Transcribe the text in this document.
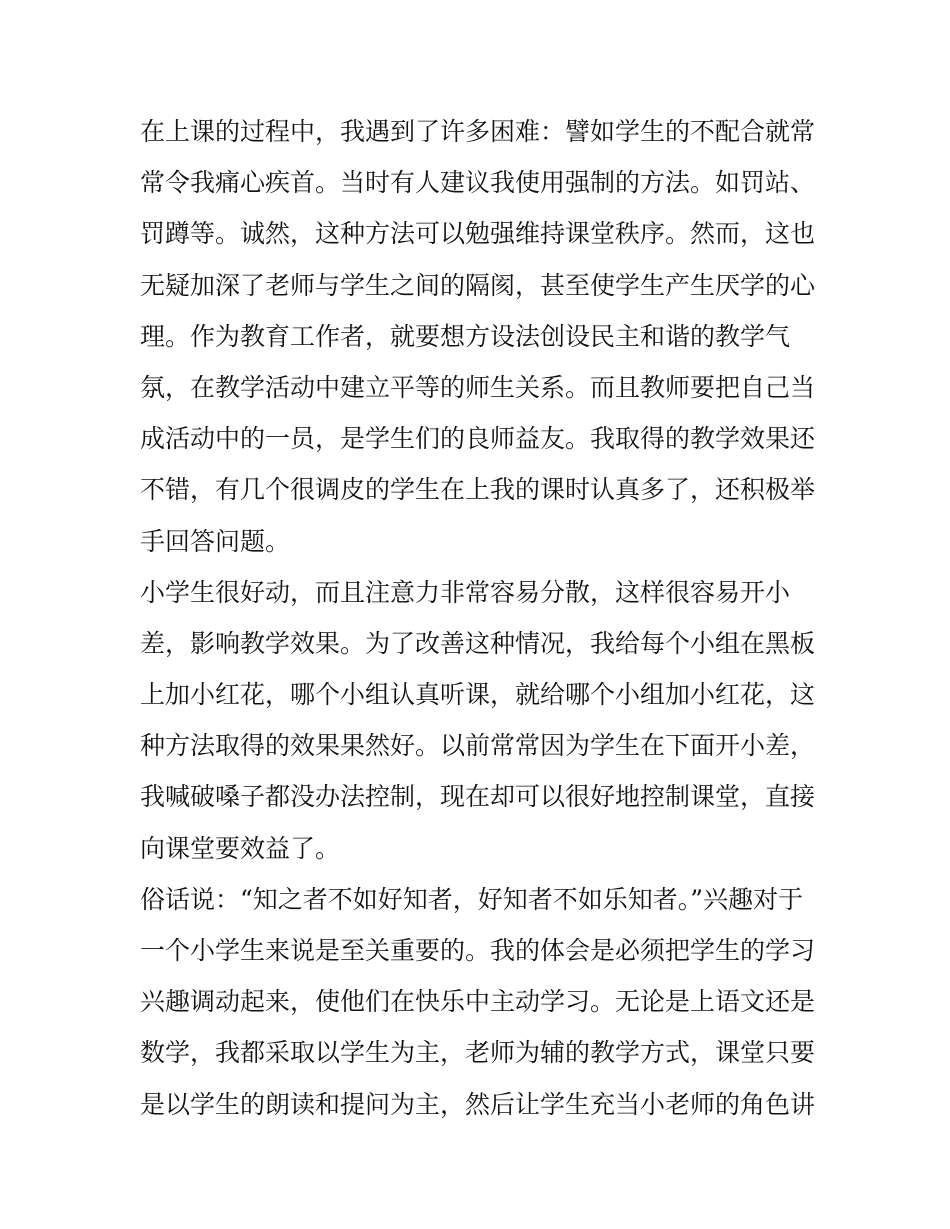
在上课的过程中，我遇到了许多困难：譬如学生的不配合就常
常令我痛心疾首。当时有人建议我使用强制的方法。如罚站、
罚蹲等。诚然，这种方法可以勉强维持课堂秩序。然而，这也
无疑加深了老师与学生之间的隔阂，甚至使学生产生厌学的心
理。作为教育工作者，就要想方设法创设民主和谐的教学气
氛，在教学活动中建立平等的师生关系。而且教师要把自己当
成活动中的一员，是学生们的良师益友。我取得的教学效果还
不错，有几个很调皮的学生在上我的课时认真多了，还积极举
手回答问题。
小学生很好动，而且注意力非常容易分散，这样很容易开小
差，影响教学效果。为了改善这种情况，我给每个小组在黑板
上加小红花，哪个小组认真听课，就给哪个小组加小红花，这
种方法取得的效果果然好。以前常常因为学生在下面开小差，
我喊破嗓子都没办法控制，现在却可以很好地控制课堂，直接
向课堂要效益了。
俗话说：“知之者不如好知者，好知者不如乐知者。”兴趣对于
一个小学生来说是至关重要的。我的体会是必须把学生的学习
兴趣调动起来，使他们在快乐中主动学习。无论是上语文还是
数学，我都采取以学生为主，老师为辅的教学方式，课堂只要
是以学生的朗读和提问为主，然后让学生充当小老师的角色讲
